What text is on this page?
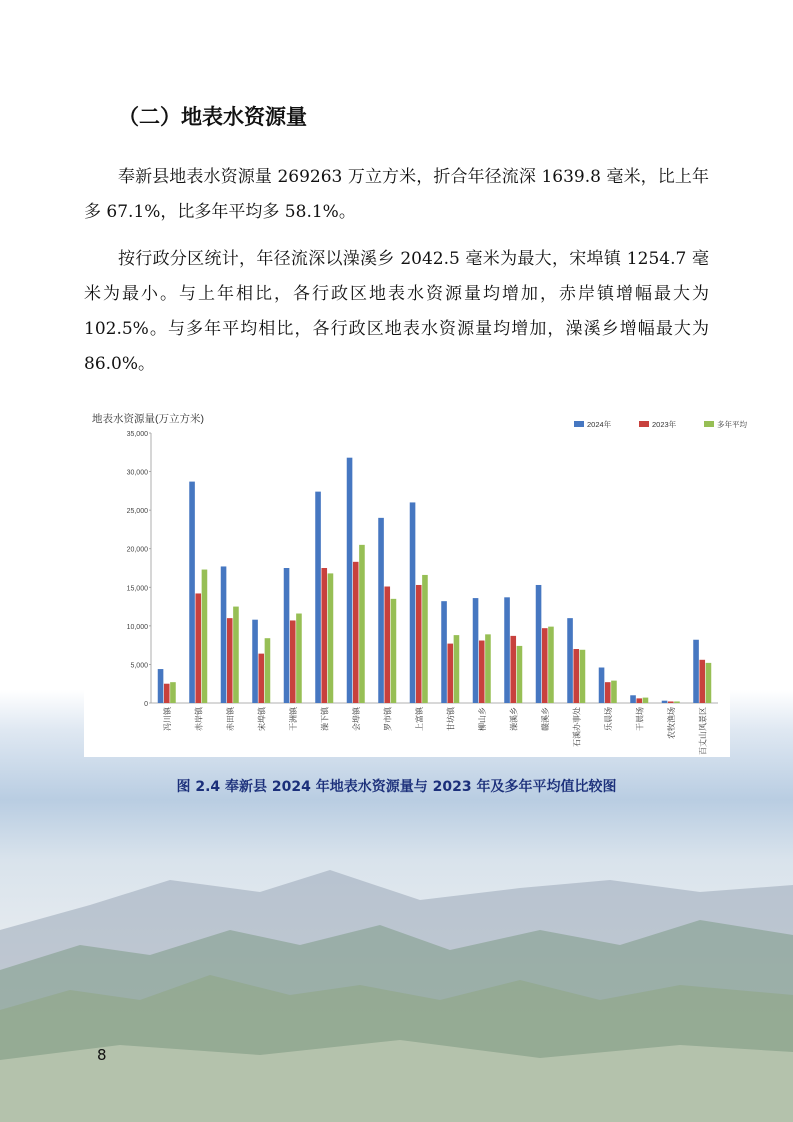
（二）地表水资源量

奉新县地表水资源量 269263 万立方米，折合年径流深 1639.8 毫米，比上年多 67.1%，比多年平均多 58.1%。

按行政分区统计，年径流深以澡溪乡 2042.5 毫米为最大，宋埠镇 1254.7 毫米为最小。与上年相比，各行政区地表水资源量均增加，赤岸镇增幅最大为 102.5%。与多年平均相比，各行政区地表水资源量均增加，澡溪乡增幅最大为 86.0%。

地表水资源量(万立方米)
0
5,000
10,000
15,000
20,000
25,000
30,000
35,000
冯川镇	赤岸镇	赤田镇	宋埠镇	干洲镇	澡下镇	会埠镇	罗市镇	上富镇	甘坊镇	柳山乡	澡溪乡	赣溪乡	石溪办事处	乐晨场	干晨场	农牧渔场	百丈山风景区
2024年	2023年	多年平均

图 2.4 奉新县 2024 年地表水资源量与 2023 年及多年平均值比较图

8
